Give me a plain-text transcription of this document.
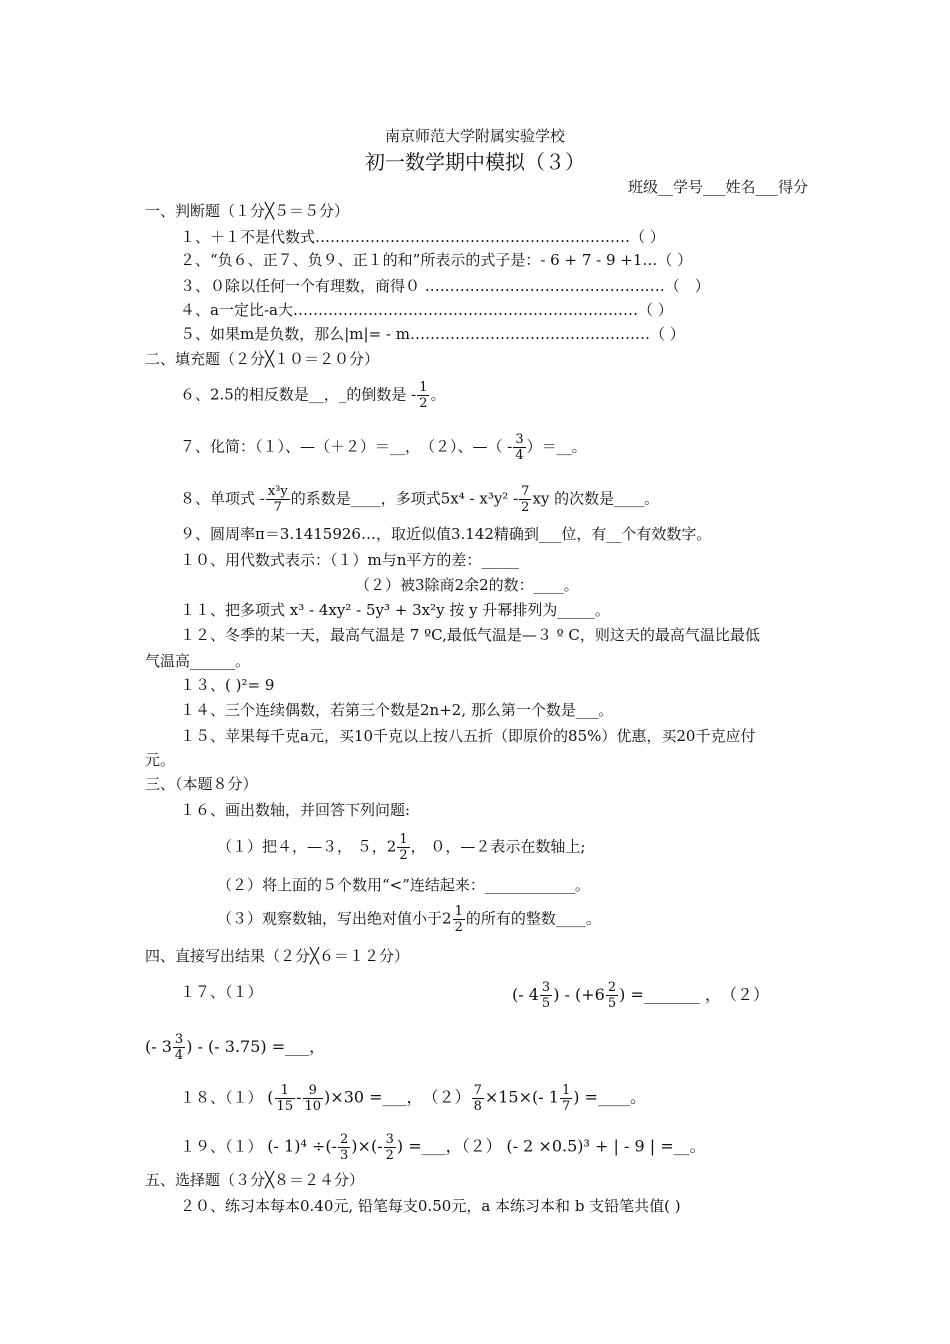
南京师范大学附属实验学校
初一数学期中模拟（３）
班级__学号___姓名___得分
一、判断题（１分╳５＝５分）
１、＋１不是代数式………………………………………………………（ ）
２、“负６、正７、负９、正１的和”所表示的式子是：- 6 + 7 - 9 +1…（ ）
３、０除以任何一个有理数，商得０ …………………………………………（　）
４、a一定比-a大……………………………………………………………（ ）
５、如果m是负数，那么|m|= - m…………………………………………（ ）
二、填充题（２分╳１０＝２０分）
６、2.5的相反数是__，_的倒数是 - $\frac{1}{2}$ 。
７、化简：（１）、—（＋２）＝__，　（２）、—（ - $\frac{3}{4}$ ）＝__。
８、单项式 - $\frac{\text{x³y}}{7}$ 的系数是____，多项式$5x^4 - x^3y^2 - \frac{7}{2}$ xy 的次数是____。
９、圆周率π＝3.1415926…，取近似值3.142精确到___位，有__个有效数字。
１０、用代数式表示：（１）m与n平方的差：_____
（２）被3除商2余2的数：____。
１１、把多项式 x³ - 4xy² - 5y³ + 3x²y 按 y 升幂排列为_____。
１２、冬季的某一天，最高气温是 7 ºC,最低气温是—３ º C，则这天的最高气温比最低
气温高______。
１３、( )²= 9
１４、三个连续偶数，若第三个数是2n+2, 那么第一个数是___。
１５、苹果每千克a元，买10千克以上按八五折（即原价的85%）优惠，买20千克应付
元。
三、（本题８分）
１６、画出数轴，并回答下列问题:
（１）把４，—３， ５，$2 \frac{1}{2}$ ， ０，—２表示在数轴上;
（２）将上面的５个数用“<”连结起来：____________。
（３）观察数轴，写出绝对值小于$2 \frac{1}{2}$ 的所有的整数____。
四、直接写出结果（２分╳６＝１２分）
１７、（１）	(- $4 \frac{3}{5}$ ) - ($+6 \frac{2}{5}$ ) =_______ ，　（２）
(- $3 \frac{3}{4}$ ) - (- 3.75) =___，
１８、（１） ( $\frac{1}{15} - \frac{9}{10} )\times 30$ =___，　$(2) \frac{7}{8} \times 15\times(-$ $1 \frac{1}{7}$ ) =____。
１９、（１） (- 1)⁴ ÷(- $\frac{2}{3}$ )×(- $\frac{3}{2}$ ) =___，（２） (- 2 ×0.5)³ + | - 9 | =__。
五、选择题（３分╳８＝２４分）
２０、练习本每本0.40元, 铅笔每支0.50元，a 本练习本和 b 支铅笔共值( )
